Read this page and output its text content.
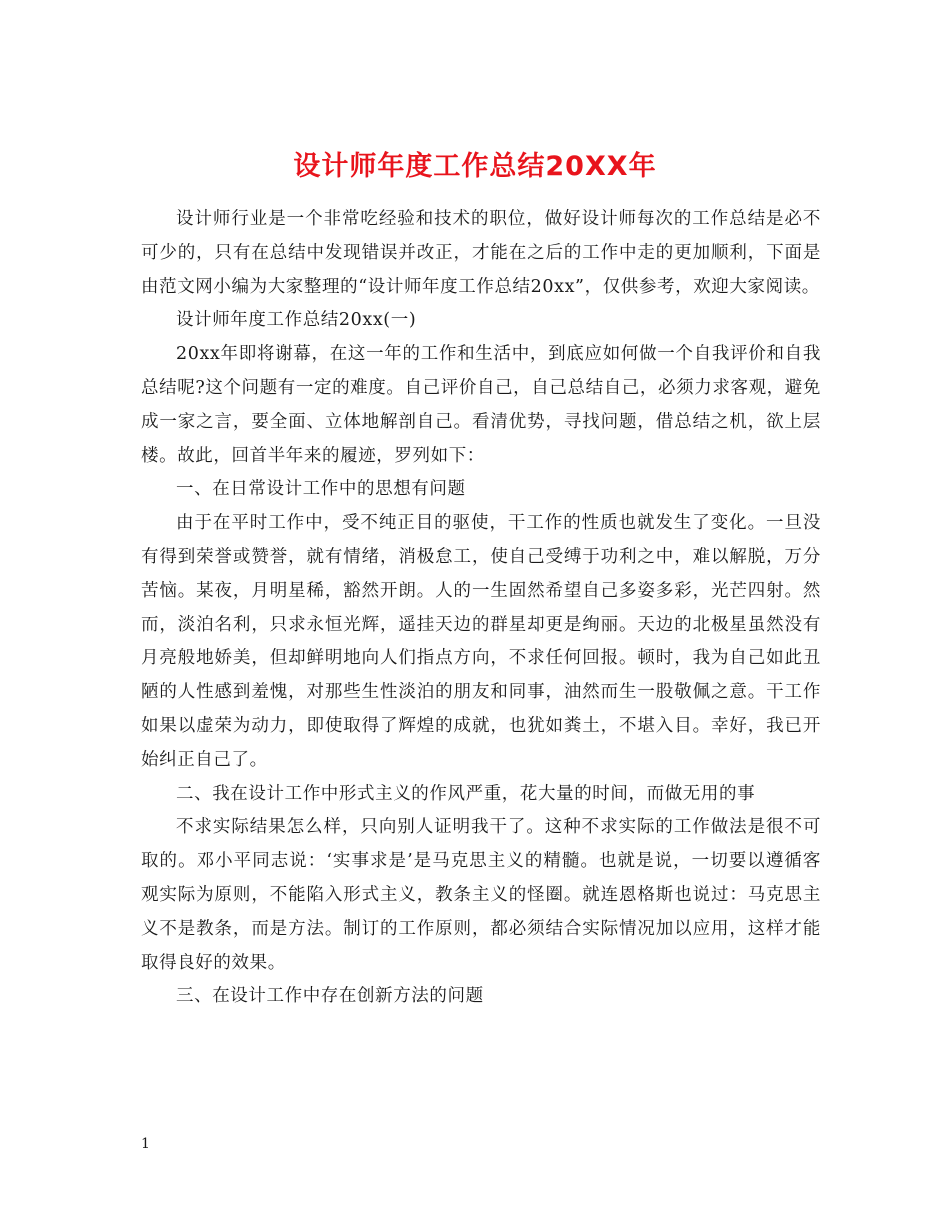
设计师年度工作总结20XX年

设计师行业是一个非常吃经验和技术的职位，做好设计师每次的工作总结是必不可少的，只有在总结中发现错误并改正，才能在之后的工作中走的更加顺利，下面是由范文网小编为大家整理的“设计师年度工作总结20xx”，仅供参考，欢迎大家阅读。

设计师年度工作总结20xx(一)

20xx年即将谢幕，在这一年的工作和生活中，到底应如何做一个自我评价和自我总结呢?这个问题有一定的难度。自己评价自己，自己总结自己，必须力求客观，避免成一家之言，要全面、立体地解剖自己。看清优势，寻找问题，借总结之机，欲上层楼。故此，回首半年来的履迹，罗列如下：

一、在日常设计工作中的思想有问题

由于在平时工作中，受不纯正目的驱使，干工作的性质也就发生了变化。一旦没有得到荣誉或赞誉，就有情绪，消极怠工，使自己受缚于功利之中，难以解脱，万分苦恼。某夜，月明星稀，豁然开朗。人的一生固然希望自己多姿多彩，光芒四射。然而，淡泊名利，只求永恒光辉，遥挂天边的群星却更是绚丽。天边的北极星虽然没有月亮般地娇美，但却鲜明地向人们指点方向，不求任何回报。顿时，我为自己如此丑陋的人性感到羞愧，对那些生性淡泊的朋友和同事，油然而生一股敬佩之意。干工作如果以虚荣为动力，即使取得了辉煌的成就，也犹如粪土，不堪入目。幸好，我已开始纠正自己了。

二、我在设计工作中形式主义的作风严重，花大量的时间，而做无用的事

不求实际结果怎么样，只向别人证明我干了。这种不求实际的工作做法是很不可取的。邓小平同志说：‘实事求是’是马克思主义的精髓。也就是说，一切要以遵循客观实际为原则，不能陷入形式主义，教条主义的怪圈。就连恩格斯也说过：马克思主义不是教条，而是方法。制订的工作原则，都必须结合实际情况加以应用，这样才能取得良好的效果。

三、在设计工作中存在创新方法的问题

1
